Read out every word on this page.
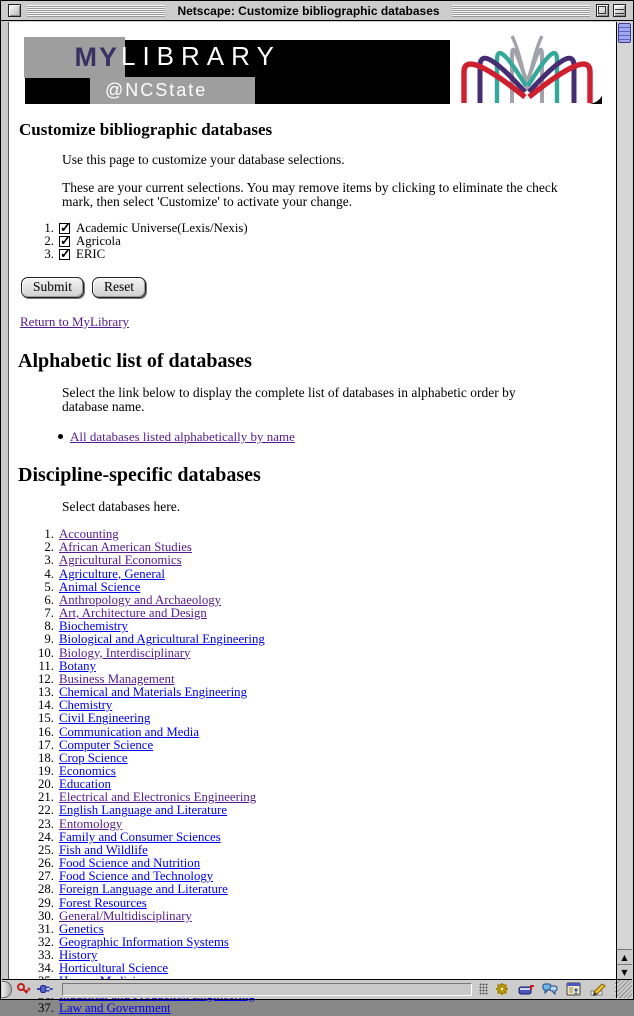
Netscape: Customize bibliographic databases
MY LIBRARY
@NCState
Customize bibliographic databases
Use this page to customize your database selections.
These are your current selections. You may remove items by clicking to eliminate the check mark, then select 'Customize' to activate your change.
1. ✓ Academic Universe(Lexis/Nexis)
2. ✓ Agricola
3. ✓ ERIC
Submit	Reset
Return to MyLibrary
Alphabetic list of databases
Select the link below to display the complete list of databases in alphabetic order by database name.
All databases listed alphabetically by name
Discipline-specific databases
Select databases here.
1. Accounting
2. African American Studies
3. Agricultural Economics
4. Agriculture, General
5. Animal Science
6. Anthropology and Archaeology
7. Art, Architecture and Design
8. Biochemistry
9. Biological and Agricultural Engineering
10. Biology, Interdisciplinary
11. Botany
12. Business Management
13. Chemical and Materials Engineering
14. Chemistry
15. Civil Engineering
16. Communication and Media
17. Computer Science
18. Crop Science
19. Economics
20. Education
21. Electrical and Electronics Engineering
22. English Language and Literature
23. Entomology
24. Family and Consumer Sciences
25. Fish and Wildlife
26. Food Science and Nutrition
27. Food Science and Technology
28. Foreign Language and Literature
29. Forest Resources
30. General/Multidisciplinary
31. Genetics
32. Geographic Information Systems
33. History
34. Horticultural Science
37. Law and Government
▲
▼
